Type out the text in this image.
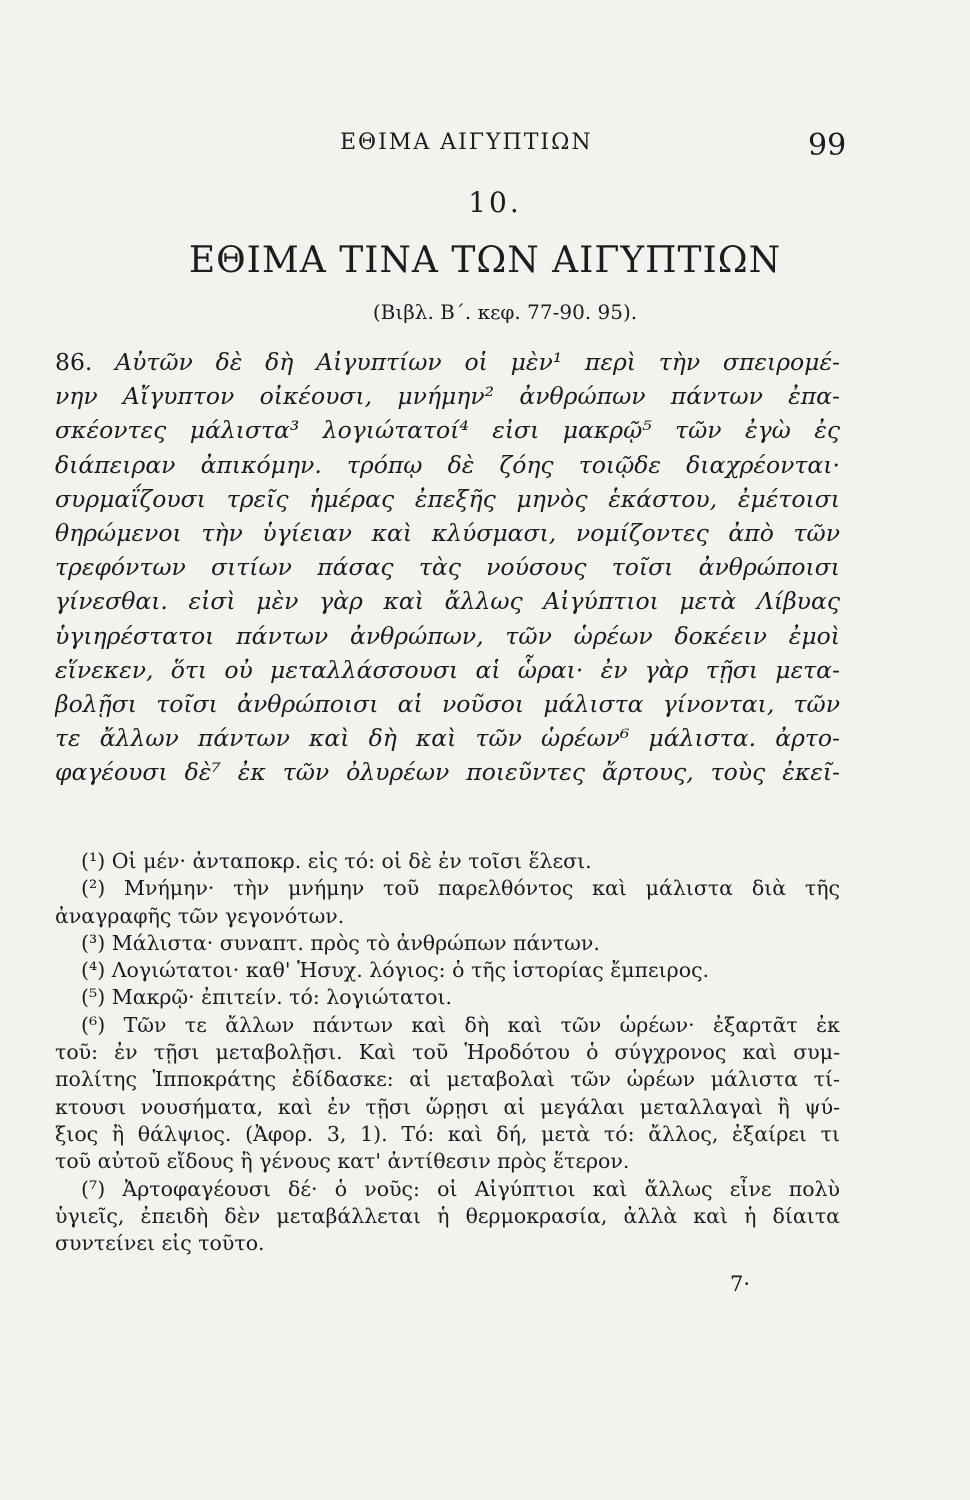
ΕΘΙΜΑ ΑΙΓΥΠΤΙΩΝ	99
10.
ΕΘΙΜΑ ΤΙΝΑ ΤΩΝ ΑΙΓΥΠΤΙΩΝ
(Βιβλ. Β΄. κεφ. 77-90. 95).
86. Αὐτῶν δὲ δὴ Αἰγυπτίων οἱ μὲν¹ περὶ τὴν σπειρομέ-
νην Αἴγυπτον οἰκέουσι, μνήμην² ἀνθρώπων πάντων ἐπα-
σκέοντες μάλιστα³ λογιώτατοί⁴ εἰσι μακρῷ⁵ τῶν ἐγὼ ἐς
διάπειραν ἀπικόμην. τρόπῳ δὲ ζόης τοιῷδε διαχρέονται·
συρμαΐζουσι τρεῖς ἡμέρας ἐπεξῆς μηνὸς ἑκάστου, ἐμέτοισι
θηρώμενοι τὴν ὑγίειαν καὶ κλύσμασι, νομίζοντες ἀπὸ τῶν
τρεφόντων σιτίων πάσας τὰς νούσους τοῖσι ἀνθρώποισι
γίνεσθαι. εἰσὶ μὲν γὰρ καὶ ἄλλως Αἰγύπτιοι μετὰ Λίβυας
ὑγιηρέστατοι πάντων ἀνθρώπων, τῶν ὡρέων δοκέειν ἐμοὶ
εἵνεκεν, ὅτι οὐ μεταλλάσσουσι αἱ ὧραι· ἐν γὰρ τῇσι μετα-
βολῇσι τοῖσι ἀνθρώποισι αἱ νοῦσοι μάλιστα γίνονται, τῶν
τε ἄλλων πάντων καὶ δὴ καὶ τῶν ὡρέων⁶ μάλιστα. ἀρτο-
φαγέουσι δὲ⁷ ἐκ τῶν ὀλυρέων ποιεῦντες ἄρτους, τοὺς ἐκεῖ-
(¹) Οἱ μέν· ἀνταποκρ. εἰς τό: οἱ δὲ ἐν τοῖσι ἕλεσι.
(²) Μνήμην· τὴν μνήμην τοῦ παρελθόντος καὶ μάλιστα διὰ τῆς
ἀναγραφῆς τῶν γεγονότων.
(³) Μάλιστα· συναπτ. πρὸς τὸ ἀνθρώπων πάντων.
(⁴) Λογιώτατοι· καθ' Ἡσυχ. λόγιος: ὁ τῆς ἱστορίας ἔμπειρος.
(⁵) Μακρῷ· ἐπιτείν. τό: λογιώτατοι.
(⁶) Τῶν τε ἄλλων πάντων καὶ δὴ καὶ τῶν ὡρέων· ἐξαρτᾶτ ἐκ
τοῦ: ἐν τῇσι μεταβολῇσι. Καὶ τοῦ Ἡροδότου ὁ σύγχρονος καὶ συμ-
πολίτης Ἱπποκράτης ἐδίδασκε: αἱ μεταβολαὶ τῶν ὡρέων μάλιστα τί-
κτουσι νουσήματα, καὶ ἐν τῇσι ὥρῃσι αἱ μεγάλαι μεταλλαγαὶ ἢ ψύ-
ξιος ἢ θάλψιος. (Ἀφορ. 3, 1). Τό: καὶ δή, μετὰ τό: ἄλλος, ἐξαίρει τι
τοῦ αὐτοῦ εἴδους ἢ γένους κατ' ἀντίθεσιν πρὸς ἕτερον.
(⁷) Ἀρτοφαγέουσι δέ· ὁ νοῦς: οἱ Αἰγύπτιοι καὶ ἄλλως εἶνε πολὺ
ὑγιεῖς, ἐπειδὴ δὲν μεταβάλλεται ἡ θερμοκρασία, ἀλλὰ καὶ ἡ δίαιτα
συντείνει εἰς τοῦτο.
7·
